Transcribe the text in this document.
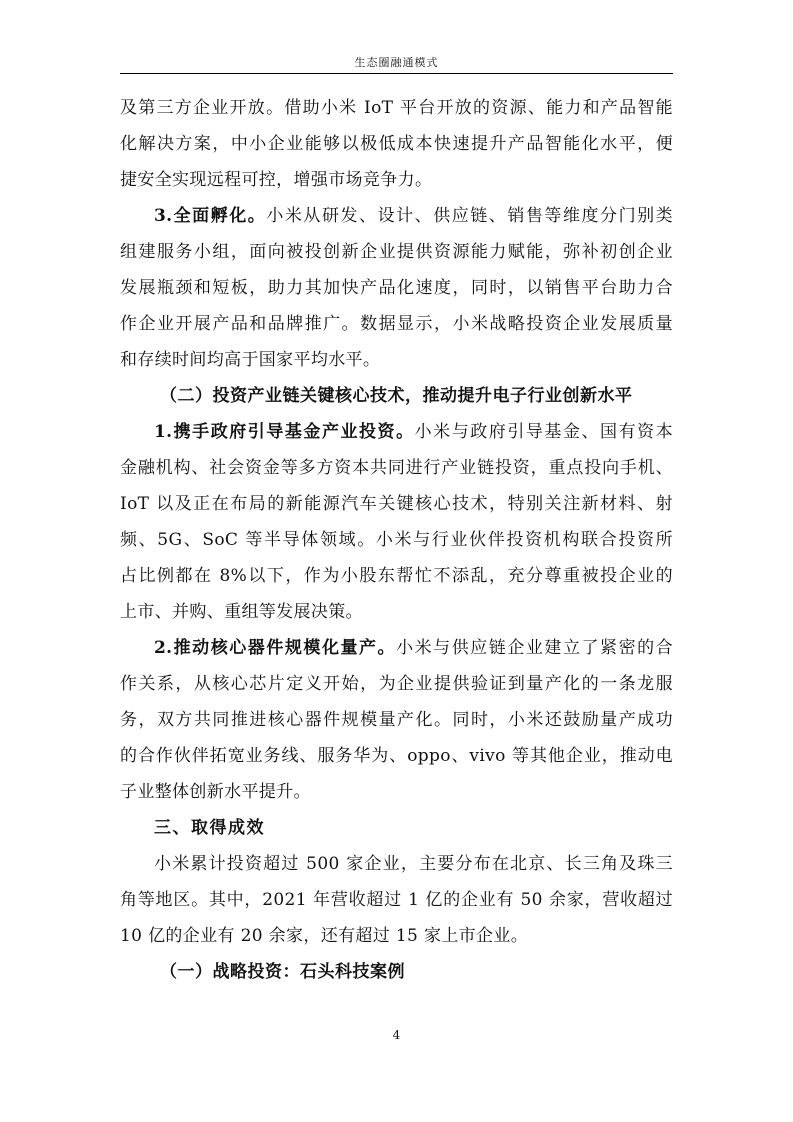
生态圈融通模式

及第三方企业开放。借助小米 IoT 平台开放的资源、能力和产品智能

化解决方案，中小企业能够以极低成本快速提升产品智能化水平，便

捷安全实现远程可控，增强市场竞争力。

3.全面孵化。小米从研发、设计、供应链、销售等维度分门别类

组建服务小组，面向被投创新企业提供资源能力赋能，弥补初创企业

发展瓶颈和短板，助力其加快产品化速度，同时，以销售平台助力合

作企业开展产品和品牌推广。数据显示，小米战略投资企业发展质量

和存续时间均高于国家平均水平。

（二）投资产业链关键核心技术，推动提升电子行业创新水平

1.携手政府引导基金产业投资。小米与政府引导基金、国有资本

金融机构、社会资金等多方资本共同进行产业链投资，重点投向手机、

IoT 以及正在布局的新能源汽车关键核心技术，特别关注新材料、射

频、5G、SoC 等半导体领域。小米与行业伙伴投资机构联合投资所

占比例都在 8%以下，作为小股东帮忙不添乱，充分尊重被投企业的

上市、并购、重组等发展决策。

2.推动核心器件规模化量产。小米与供应链企业建立了紧密的合

作关系，从核心芯片定义开始，为企业提供验证到量产化的一条龙服

务，双方共同推进核心器件规模量产化。同时，小米还鼓励量产成功

的合作伙伴拓宽业务线、服务华为、oppo、vivo 等其他企业，推动电

子业整体创新水平提升。

三、取得成效

小米累计投资超过 500 家企业，主要分布在北京、长三角及珠三

角等地区。其中，2021 年营收超过 1 亿的企业有 50 余家，营收超过

10 亿的企业有 20 余家，还有超过 15 家上市企业。

（一）战略投资：石头科技案例

4
